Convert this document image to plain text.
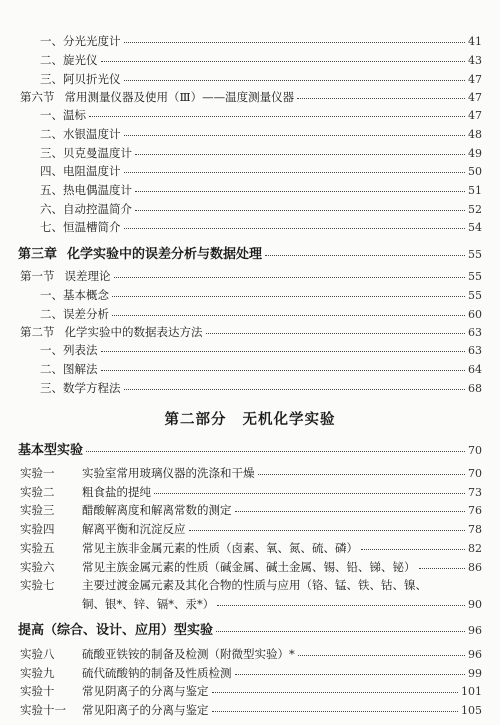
一、分光光度计	41
二、旋光仪	43
三、阿贝折光仪	47
第六节 常用测量仪器及使用（Ⅲ）——温度测量仪器	47
一、温标	47
二、水银温度计	48
三、贝克曼温度计	49
四、电阻温度计	50
五、热电偶温度计	51
六、自动控温简介	52
七、恒温槽简介	54
第三章 化学实验中的误差分析与数据处理	55
第一节 误差理论	55
一、基本概念	55
二、误差分析	60
第二节 化学实验中的数据表达方法	63
一、列表法	63
二、图解法	64
三、数学方程法	68
第二部分 无机化学实验
基本型实验	70
实验一 实验室常用玻璃仪器的洗涤和干燥	70
实验二 粗食盐的提纯	73
实验三 醋酸解离度和解离常数的测定	76
实验四 解离平衡和沉淀反应	78
实验五 常见主族非金属元素的性质（卤素、氧、氮、硫、磷）	82
实验六 常见主族金属元素的性质（碱金属、碱土金属、锡、铅、锑、铋）	86
实验七 主要过渡金属元素及其化合物的性质与应用（铬、锰、铁、钴、镍、
铜、银*、锌、镉*、汞*）	90
提高（综合、设计、应用）型实验	96
实验八 硫酸亚铁铵的制备及检测（附微型实验）*	96
实验九 硫代硫酸钠的制备及性质检测	99
实验十 常见阴离子的分离与鉴定	101
实验十一 常见阳离子的分离与鉴定	105
